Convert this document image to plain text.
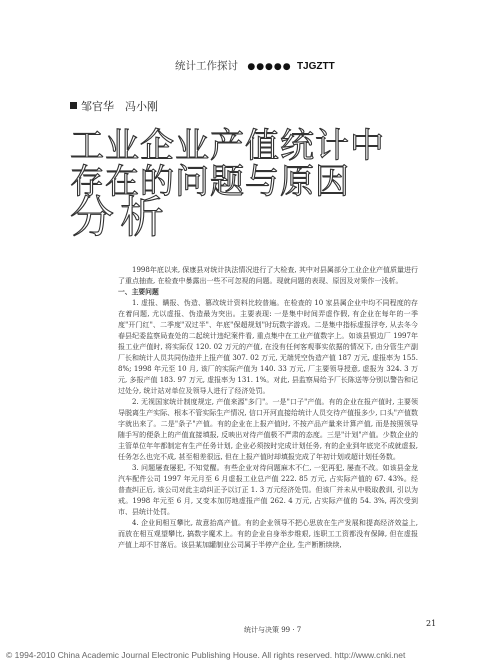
统计工作探讨 ●●●●● TJGZTT
邹官华　冯小刚
工业企业产值统计中
存在的问题与原因
分析

1998年底以来, 保康县对统计执法情况进行了大检查, 其中对县属部分工业企业产值质量进行了重点抽查, 在检查中暴露出一些不可忽视的问题。现就问题的表现、原因及对策作一浅析。

一、主要问题

1. 虚报、瞒报、伪造、篡改统计资料比较普遍。在检查的 10 家县属企业中均不同程度的存在着问题, 尤以虚报、伪造最为突出。主要表现: 一是集中时间弄虚作假, 有企业在每年的一季度"开门红"、二季度"双过半"、年底"保超规划"时玩数字游戏。二是集中指标虚报浮夸, 从去冬今春县纪委监察局查处的二起统计违纪案件看, 重点集中在工业产值数字上。如该县银边厂 1997年报工业产值时, 将实际仅 120. 02 万元的产值, 在没有任何客观事实依据的情况下, 由分管生产副厂长和统计人员共同伪造并上报产值 307. 02 万元, 无端凭空伪造产值 187 万元, 虚报率为 155. 8%; 1998 年元至 10 月, 该厂的实际产值为 140. 33 万元, 厂主要领导授意, 虚报为 324. 3 万元, 多报产值 183. 97 万元, 虚报率为 131. 1%。对此, 县监察局给予厂长陈送等分别以警告和记过处分, 统计站对单位及领导人进行了经济处罚。

2. 无视国家统计制度规定, 产值来源"多门"。一是"口子"产值。有的企业在报产值时, 主要领导脱离生产实际、根本不管实际生产情况, 信口开河直接给统计人员交待产值报多少, 口头"产值数字就出来了。二是"条子"产值。有的企业在上报产值时, 不按产品产量来计算产值, 而是按照领导随手写的便条上的产值直接填报, 反映出对待产值极不严肃的态度。三是"计划"产值。少数企业的主管单位年年都制定有生产任务计划, 企业必须按时完成计划任务, 有的企业到年底完不成就虚报, 任务怎么也完不成, 甚至相差很远, 但在上报产值时却填报完成了年初计划或超计划任务数。

3. 问题屡查屡犯, 不知觉醒。有些企业对待问题麻木不仁, 一犯再犯, 屡查不改。如该县金龙汽车配件公司 1997 年元月至 6 月虚报工业总产值 222. 85 万元, 占实际产值的 67. 43%。经普查纠正后, 该公司对此主动纠正予以订正 1. 3 万元经济处罚。但该厂并未从中吸取教训, 引以为戒。1998 年元至 6 月, 又变本加厉地虚报产值 262. 4 万元, 占实际产值的 54. 3%, 再次受到市、县统计处罚。

4. 企业间相互攀比, 故意抬高产值。有的企业领导不把心思放在生产发展和提高经济效益上, 而放在相互观望攀比, 搞数字魔术上。有的企业自身举步维艰, 连职工工资都没有保障, 但在虚报产值上却不甘落后。该县某加罐制业公司属于半停产企业, 生产断断续续,

统计与决策 99 · 7
21
© 1994-2010 China Academic Journal Electronic Publishing House. All rights reserved. http://www.cnki.net
